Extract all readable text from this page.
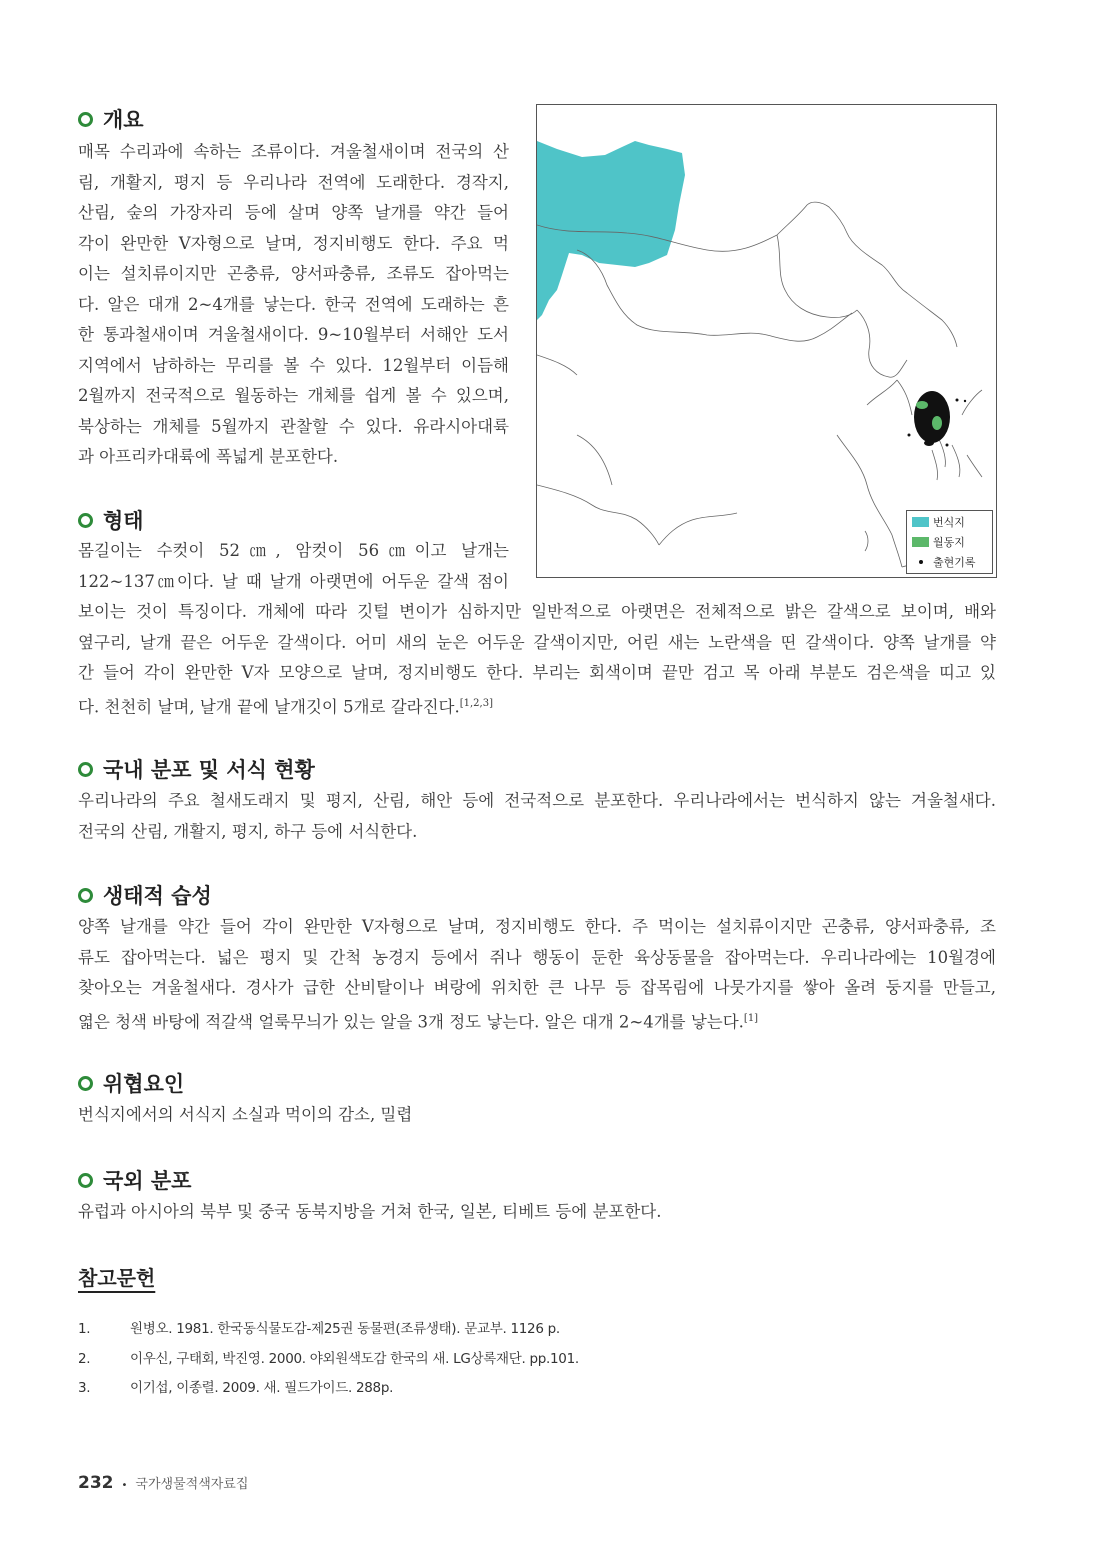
개요
매목 수리과에 속하는 조류이다. 겨울철새이며 전국의 산
림, 개활지, 평지 등 우리나라 전역에 도래한다. 경작지,
산림, 숲의 가장자리 등에 살며 양쪽 날개를 약간 들어
각이 완만한 V자형으로 날며, 정지비행도 한다. 주요 먹
이는 설치류이지만 곤충류, 양서파충류, 조류도 잡아먹는
다. 알은 대개 2~4개를 낳는다. 한국 전역에 도래하는 흔
한 통과철새이며 겨울철새이다. 9~10월부터 서해안 도서
지역에서 남하하는 무리를 볼 수 있다. 12월부터 이듬해
2월까지 전국적으로 월동하는 개체를 쉽게 볼 수 있으며,
북상하는 개체를 5월까지 관찰할 수 있다. 유라시아대륙
과 아프리카대륙에 폭넓게 분포한다.
형태
몸길이는 수컷이 52㎝, 암컷이 56㎝이고 날개는
122~137㎝이다. 날 때 날개 아랫면에 어두운 갈색 점이
보이는 것이 특징이다. 개체에 따라 깃털 변이가 심하지만 일반적으로 아랫면은 전체적으로 밝은 갈색으로 보이며, 배와
옆구리, 날개 끝은 어두운 갈색이다. 어미 새의 눈은 어두운 갈색이지만, 어린 새는 노란색을 띤 갈색이다. 양쪽 날개를 약
간 들어 각이 완만한 V자 모양으로 날며, 정지비행도 한다. 부리는 회색이며 끝만 검고 목 아래 부분도 검은색을 띠고 있
다. 천천히 날며, 날개 끝에 날개깃이 5개로 갈라진다.[1,2,3]
국내 분포 및 서식 현황
우리나라의 주요 철새도래지 및 평지, 산림, 해안 등에 전국적으로 분포한다. 우리나라에서는 번식하지 않는 겨울철새다.
전국의 산림, 개활지, 평지, 하구 등에 서식한다.
생태적 습성
양쪽 날개를 약간 들어 각이 완만한 V자형으로 날며, 정지비행도 한다. 주 먹이는 설치류이지만 곤충류, 양서파충류, 조
류도 잡아먹는다. 넓은 평지 및 간척 농경지 등에서 쥐나 행동이 둔한 육상동물을 잡아먹는다. 우리나라에는 10월경에
찾아오는 겨울철새다. 경사가 급한 산비탈이나 벼랑에 위치한 큰 나무 등 잡목림에 나뭇가지를 쌓아 올려 둥지를 만들고,
엷은 청색 바탕에 적갈색 얼룩무늬가 있는 알을 3개 정도 낳는다. 알은 대개 2~4개를 낳는다.[1]
위협요인
번식지에서의 서식지 소실과 먹이의 감소, 밀렵
국외 분포
유럽과 아시아의 북부 및 중국 동북지방을 거쳐 한국, 일본, 티베트 등에 분포한다.
번식지
월동지
출현기록
참고문헌
1.	원병오. 1981. 한국동식물도감-제25권 동물편(조류생태). 문교부. 1126 p.
2.	이우신, 구태회, 박진영. 2000. 야외원색도감 한국의 새. LG상록재단. pp.101.
3.	이기섭, 이종렬. 2009. 새. 필드가이드. 288p.
232 • 국가생물적색자료집
